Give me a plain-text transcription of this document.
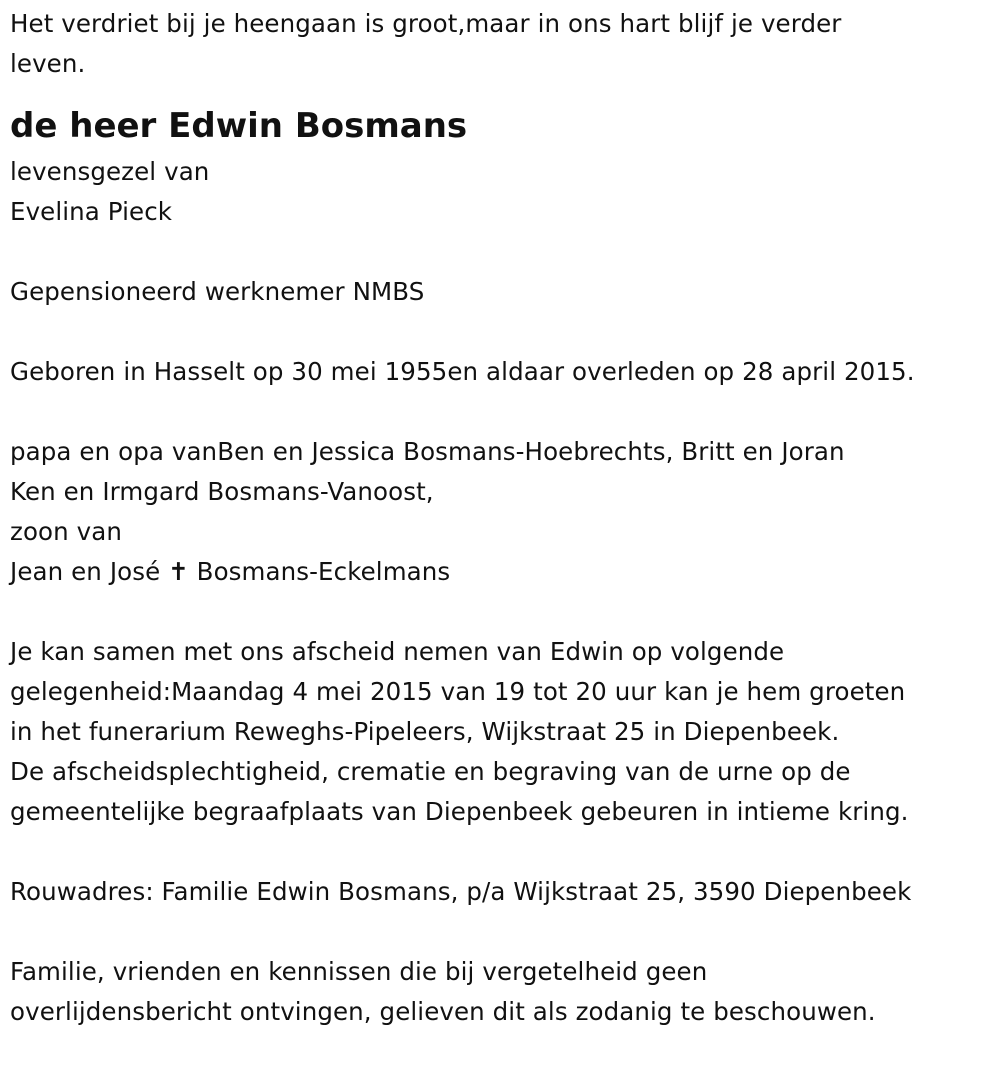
Het verdriet bij je heengaan is groot,maar in ons hart blijf je verder
leven.
de heer Edwin Bosmans
levensgezel van
Evelina Pieck
Gepensioneerd werknemer NMBS
Geboren in Hasselt op 30 mei 1955en aldaar overleden op 28 april 2015.
papa en opa vanBen en Jessica Bosmans-Hoebrechts, Britt en Joran
Ken en Irmgard Bosmans-Vanoost,
zoon van
Jean en José ✝ Bosmans-Eckelmans
Je kan samen met ons afscheid nemen van Edwin op volgende
gelegenheid:Maandag 4 mei 2015 van 19 tot 20 uur kan je hem groeten
in het funerarium Reweghs-Pipeleers, Wijkstraat 25 in Diepenbeek.
De afscheidsplechtigheid, crematie en begraving van de urne op de
gemeentelijke begraafplaats van Diepenbeek gebeuren in intieme kring.
Rouwadres: Familie Edwin Bosmans, p/a Wijkstraat 25, 3590 Diepenbeek
Familie, vrienden en kennissen die bij vergetelheid geen
overlijdensbericht ontvingen, gelieven dit als zodanig te beschouwen.
